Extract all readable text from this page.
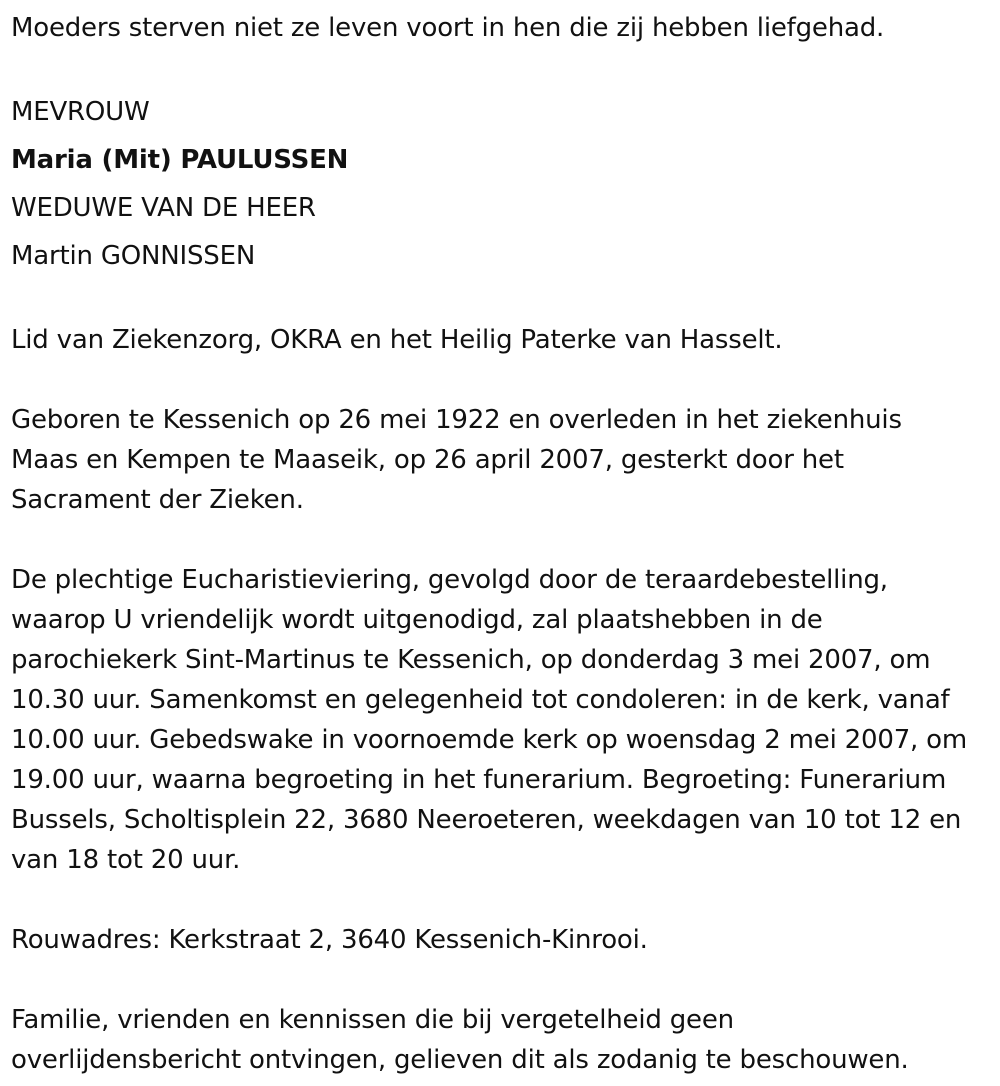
Moeders sterven niet ze leven voort in hen die zij hebben liefgehad.
MEVROUW
Maria (Mit) PAULUSSEN
WEDUWE VAN DE HEER
Martin GONNISSEN
Lid van Ziekenzorg, OKRA en het Heilig Paterke van Hasselt.
Geboren te Kessenich op 26 mei 1922 en overleden in het ziekenhuis
Maas en Kempen te Maaseik, op 26 april 2007, gesterkt door het
Sacrament der Zieken.
De plechtige Eucharistieviering, gevolgd door de teraardebestelling,
waarop U vriendelijk wordt uitgenodigd, zal plaatshebben in de
parochiekerk Sint-Martinus te Kessenich, op donderdag 3 mei 2007, om
10.30 uur. Samenkomst en gelegenheid tot condoleren: in de kerk, vanaf
10.00 uur. Gebedswake in voornoemde kerk op woensdag 2 mei 2007, om
19.00 uur, waarna begroeting in het funerarium. Begroeting: Funerarium
Bussels, Scholtisplein 22, 3680 Neeroeteren, weekdagen van 10 tot 12 en
van 18 tot 20 uur.
Rouwadres: Kerkstraat 2, 3640 Kessenich-Kinrooi.
Familie, vrienden en kennissen die bij vergetelheid geen
overlijdensbericht ontvingen, gelieven dit als zodanig te beschouwen.
